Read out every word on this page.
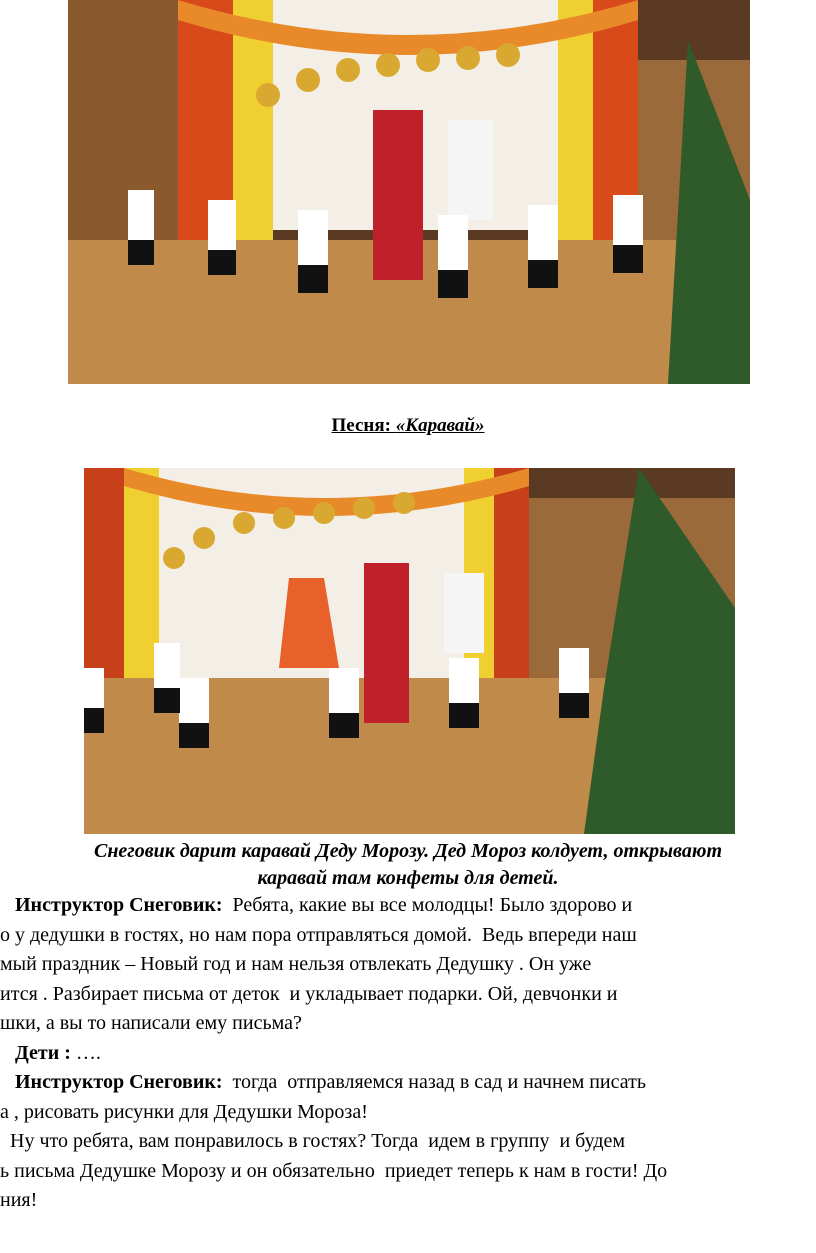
Песня: «Каравай»
Снеговик дарит каравай Деду Морозу. Дед Мороз колдует, открывают
каравай там конфеты для детей.
Инструктор Снеговик:  Ребята, какие вы все молодцы! Было здорово и
о у дедушки в гостях, но нам пора отправляться домой.  Ведь впереди наш
мый праздник – Новый год и нам нельзя отвлекать Дедушку . Он уже
ится . Разбирает письма от деток  и укладывает подарки. Ой, девчонки и
шки, а вы то написали ему письма?
Дети : ….
Инструктор Снеговик:  тогда  отправляемся назад в сад и начнем писать
а , рисовать рисунки для Дедушки Мороза!
Ну что ребята, вам понравилось в гостях? Тогда  идем в группу  и будем
ь письма Дедушке Морозу и он обязательно  приедет теперь к нам в гости! До
ния!
